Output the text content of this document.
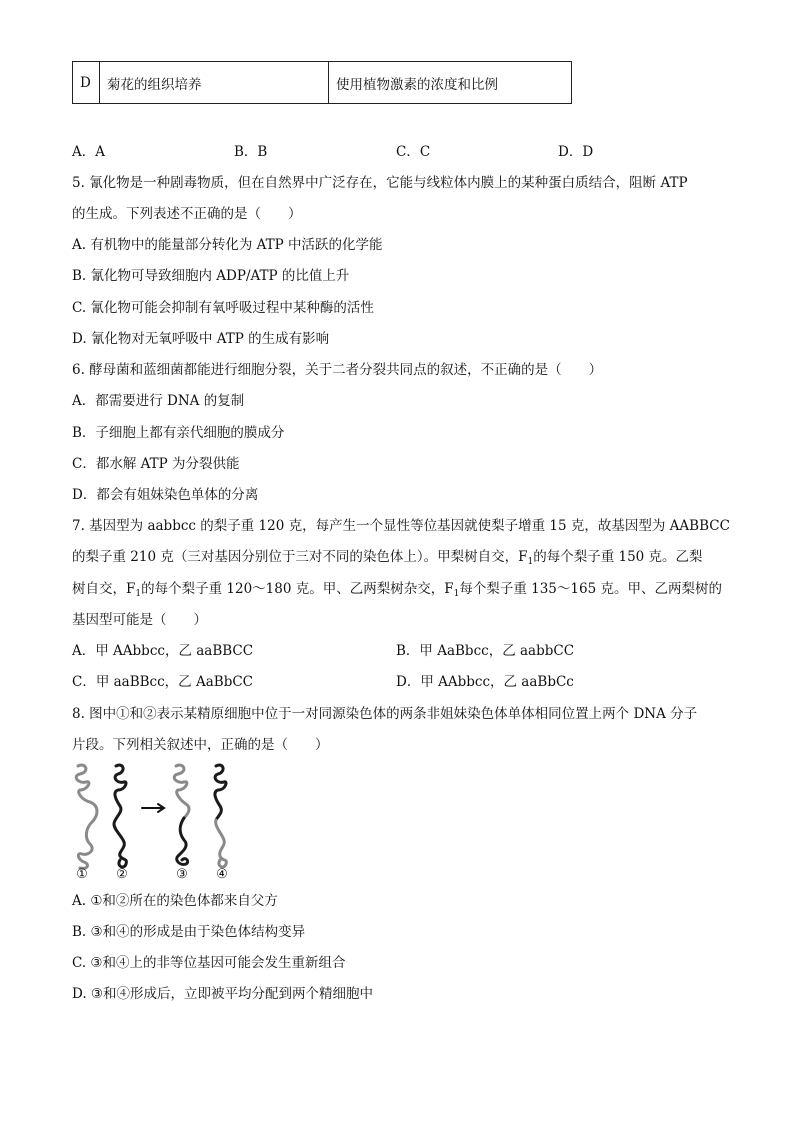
D	菊花的组织培养	使用植物激素的浓度和比例
A．A	B．B	C．C	D．D
5. 氰化物是一种剧毒物质，但在自然界中广泛存在，它能与线粒体内膜上的某种蛋白质结合，阻断 ATP
的生成。下列表述不正确的是（　　）
A. 有机物中的能量部分转化为 ATP 中活跃的化学能
B. 氰化物可导致细胞内 ADP/ATP 的比值上升
C. 氰化物可能会抑制有氧呼吸过程中某种酶的活性
D. 氰化物对无氧呼吸中 ATP 的生成有影响
6. 酵母菌和蓝细菌都能进行细胞分裂，关于二者分裂共同点的叙述，不正确的是（　　）
A．都需要进行 DNA 的复制
B．子细胞上都有亲代细胞的膜成分
C．都水解 ATP 为分裂供能
D．都会有姐妹染色单体的分离
7. 基因型为 aabbcc 的梨子重 120 克，每产生一个显性等位基因就使梨子增重 15 克，故基因型为 AABBCC
的梨子重 210 克（三对基因分别位于三对不同的染色体上）。甲梨树自交，$F_1$的每个梨子重 150 克。乙梨
树自交，$F_1$的每个梨子重 120～180 克。甲、乙两梨树杂交，$F_1$每个梨子重 135～165 克。甲、乙两梨树的
基因型可能是（　　）
A．甲 AAbbcc，乙 aaBBCC	B．甲 AaBbcc，乙 aabbCC
C．甲 aaBBcc，乙 AaBbCC	D．甲 AAbbcc，乙 aaBbCc
8. 图中①和②表示某精原细胞中位于一对同源染色体的两条非姐妹染色体单体相同位置上两个 DNA 分子
片段。下列相关叙述中，正确的是（　　）
① ②	③ ④
A. ①和②所在的染色体都来自父方
B. ③和④的形成是由于染色体结构变异
C. ③和④上的非等位基因可能会发生重新组合
D. ③和④形成后，立即被平均分配到两个精细胞中
